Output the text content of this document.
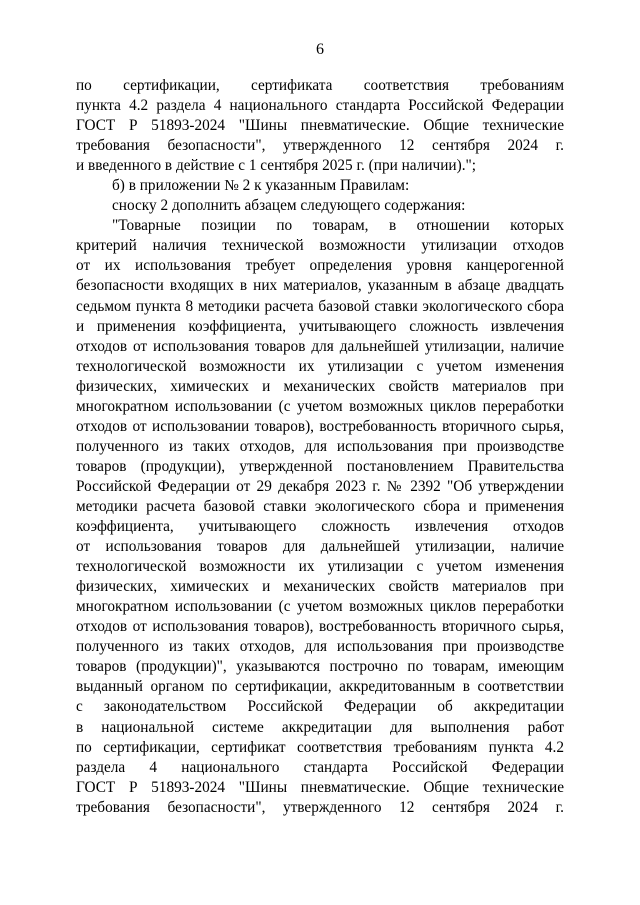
6
по сертификации, сертификата соответствия требованиям
пункта 4.2 раздела 4 национального стандарта Российской Федерации
ГОСТ Р 51893-2024 "Шины пневматические. Общие технические
требования безопасности", утвержденного 12 сентября 2024 г.
и введенного в действие с 1 сентября 2025 г. (при наличии).";
б) в приложении № 2 к указанным Правилам:
сноску 2 дополнить абзацем следующего содержания:
"Товарные позиции по товарам, в отношении которых
критерий наличия технической возможности утилизации отходов
от их использования требует определения уровня канцерогенной
безопасности входящих в них материалов, указанным в абзаце двадцать
седьмом пункта 8 методики расчета базовой ставки экологического сбора
и применения коэффициента, учитывающего сложность извлечения
отходов от использования товаров для дальнейшей утилизации, наличие
технологической возможности их утилизации с учетом изменения
физических, химических и механических свойств материалов при
многократном использовании (с учетом возможных циклов переработки
отходов от использовании товаров), востребованность вторичного сырья,
полученного из таких отходов, для использования при производстве
товаров (продукции), утвержденной постановлением Правительства
Российской Федерации от 29 декабря 2023 г. № 2392 "Об утверждении
методики расчета базовой ставки экологического сбора и применения
коэффициента, учитывающего сложность извлечения отходов
от использования товаров для дальнейшей утилизации, наличие
технологической возможности их утилизации с учетом изменения
физических, химических и механических свойств материалов при
многократном использовании (с учетом возможных циклов переработки
отходов от использования товаров), востребованность вторичного сырья,
полученного из таких отходов, для использования при производстве
товаров (продукции)", указываются построчно по товарам, имеющим
выданный органом по сертификации, аккредитованным в соответствии
с законодательством Российской Федерации об аккредитации
в национальной системе аккредитации для выполнения работ
по сертификации, сертификат соответствия требованиям пункта 4.2
раздела 4 национального стандарта Российской Федерации
ГОСТ Р 51893-2024 "Шины пневматические. Общие технические
требования безопасности", утвержденного 12 сентября 2024 г.
